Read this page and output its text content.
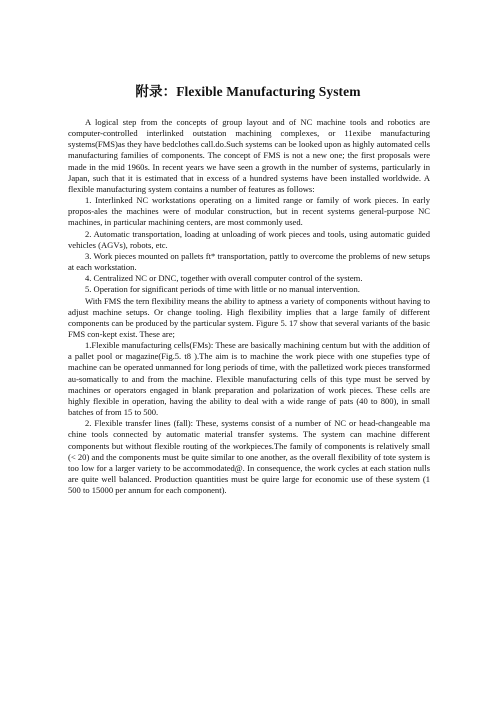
附录：Flexible Manufacturing System

A logical step from the concepts of group layout and of NC machine tools and robotics are computer-controlled interlinked outstation machining complexes, or 11exibe manufacturing systems(FMS)as they have bedclothes call.do.Such systems can be looked upon as highly automated cells manufacturing families of components. The concept of FMS is not a new one; the first proposals were made in the mid 1960s. In recent years we have seen a growth in the number of systems, particularly in Japan, such that it is estimated that in excess of a hundred systems have been installed worldwide. A flexible manufacturing system contains a number of features as follows:

1. Interlinked NC workstations operating on a limited range or family of work pieces. In early propos-ales the machines were of modular construction, but in recent systems general-purpose NC machines, in particular machining centers, are most commonly used.

2. Automatic transportation, loading at unloading of work pieces and tools, using automatic guided vehicles (AGVs), robots, etc.

3. Work pieces mounted on pallets ft* transportation, pattly to overcome the problems of new setups at each workstation.

4. Centralized NC or DNC, together with overall computer control of the system.

5. Operation for significant periods of time with little or no manual intervention.

With FMS the tern flexibility means the ability to aptness a variety of components without having to adjust machine setups. Or change tooling. High flexibility implies that a large family of different components can be produced by the particular system. Figure 5. 17 show that several variants of the basic FMS con-kept exist. These are;

1.Flexible manufacturing cells(FMs): These are basically machining centum but with the addition of a pallet pool or magazine(Fig.5. t8 ).The aim is to machine the work piece with one stupefies type of machine can be operated unmanned for long periods of time, with the palletized work pieces transformed au-somatically to and from the machine. Flexible manufacturing cells of this type must be served by machines or operators engaged in blank preparation and polarization of work pieces. These cells are highly flexible in operation, having the ability to deal with a wide range of pats (40 to 800), in small batches of from 15 to 500.

2. Flexible transfer lines (fall): These, systems consist of a number of NC or head-changeable ma chine tools connected by automatic material transfer systems. The system can machine different components but without flexible routing of the workpieces.The family of components is relatively small (< 20) and the components must be quite similar to one another, as the overall flexibility of tote system is too low for a larger variety to be accommodated@. In consequence, the work cycles at each station nulls are quite well balanced. Production quantities must be quire large for economic use of these system (1 500 to 15000 per annum for each component).
